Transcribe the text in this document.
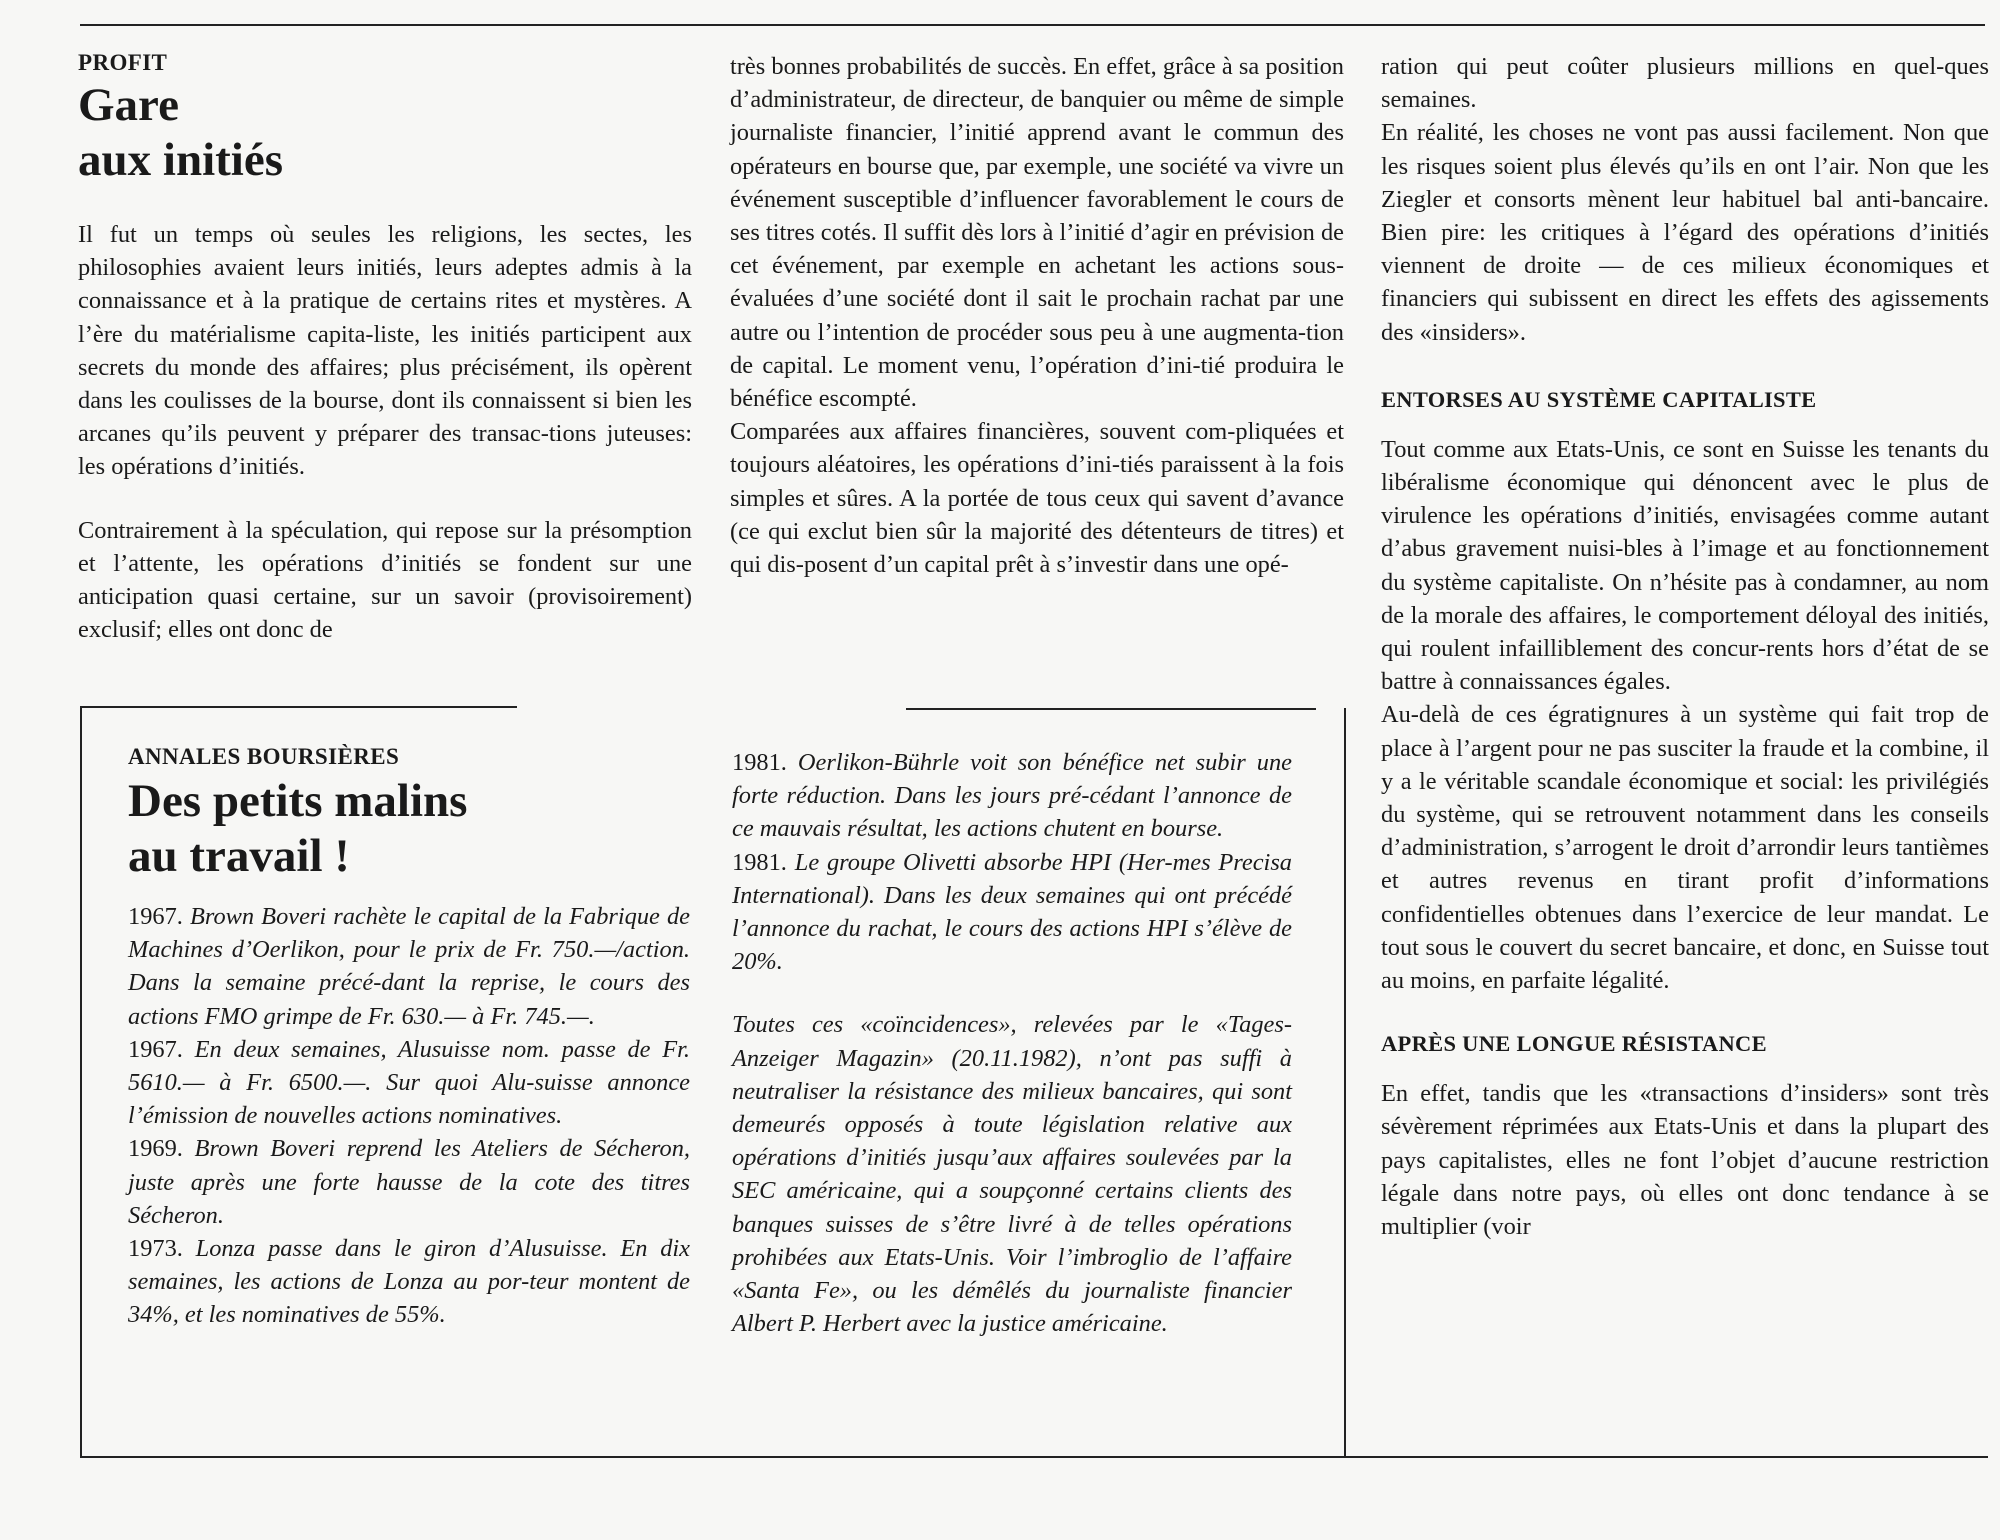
PROFIT

Gare
aux initiés

Il fut un temps où seules les religions, les sectes, les philosophies avaient leurs initiés, leurs adeptes admis à la connaissance et à la pratique de certains rites et mystères. A l’ère du matérialisme capita-liste, les initiés participent aux secrets du monde des affaires; plus précisément, ils opèrent dans les coulisses de la bourse, dont ils connaissent si bien les arcanes qu’ils peuvent y préparer des transac-tions juteuses: les opérations d’initiés.

Contrairement à la spéculation, qui repose sur la présomption et l’attente, les opérations d’initiés se fondent sur une anticipation quasi certaine, sur un savoir (provisoirement) exclusif; elles ont donc de

très bonnes probabilités de succès. En effet, grâce à sa position d’administrateur, de directeur, de banquier ou même de simple journaliste financier, l’initié apprend avant le commun des opérateurs en bourse que, par exemple, une société va vivre un événement susceptible d’influencer favorablement le cours de ses titres cotés. Il suffit dès lors à l’initié d’agir en prévision de cet événement, par exemple en achetant les actions sous-évaluées d’une société dont il sait le prochain rachat par une autre ou l’intention de procéder sous peu à une augmenta-tion de capital. Le moment venu, l’opération d’ini-tié produira le bénéfice escompté.

Comparées aux affaires financières, souvent com-pliquées et toujours aléatoires, les opérations d’ini-tiés paraissent à la fois simples et sûres. A la portée de tous ceux qui savent d’avance (ce qui exclut bien sûr la majorité des détenteurs de titres) et qui dis-posent d’un capital prêt à s’investir dans une opé-

ration qui peut coûter plusieurs millions en quel-ques semaines.

En réalité, les choses ne vont pas aussi facilement. Non que les risques soient plus élevés qu’ils en ont l’air. Non que les Ziegler et consorts mènent leur habituel bal anti-bancaire. Bien pire: les critiques à l’égard des opérations d’initiés viennent de droite — de ces milieux économiques et financiers qui subissent en direct les effets des agissements des «insiders».

ENTORSES AU SYSTÈME CAPITALISTE

Tout comme aux Etats-Unis, ce sont en Suisse les tenants du libéralisme économique qui dénoncent avec le plus de virulence les opérations d’initiés, envisagées comme autant d’abus gravement nuisi-bles à l’image et au fonctionnement du système capitaliste. On n’hésite pas à condamner, au nom de la morale des affaires, le comportement déloyal des initiés, qui roulent infailliblement des concur-rents hors d’état de se battre à connaissances égales.

Au-delà de ces égratignures à un système qui fait trop de place à l’argent pour ne pas susciter la fraude et la combine, il y a le véritable scandale économique et social: les privilégiés du système, qui se retrouvent notamment dans les conseils d’administration, s’arrogent le droit d’arrondir leurs tantièmes et autres revenus en tirant profit d’informations confidentielles obtenues dans l’exercice de leur mandat. Le tout sous le couvert du secret bancaire, et donc, en Suisse tout au moins, en parfaite légalité.

APRÈS UNE LONGUE RÉSISTANCE

En effet, tandis que les «transactions d’insiders» sont très sévèrement réprimées aux Etats-Unis et dans la plupart des pays capitalistes, elles ne font l’objet d’aucune restriction légale dans notre pays, où elles ont donc tendance à se multiplier (voir

ANNALES BOURSIÈRES

Des petits malins
au travail !

1967. Brown Boveri rachète le capital de la Fabrique de Machines d’Oerlikon, pour le prix de Fr. 750.—/action. Dans la semaine précé-dant la reprise, le cours des actions FMO grimpe de Fr. 630.— à Fr. 745.—.

1967. En deux semaines, Alusuisse nom. passe de Fr. 5610.— à Fr. 6500.—. Sur quoi Alu-suisse annonce l’émission de nouvelles actions nominatives.

1969. Brown Boveri reprend les Ateliers de Sécheron, juste après une forte hausse de la cote des titres Sécheron.

1973. Lonza passe dans le giron d’Alusuisse. En dix semaines, les actions de Lonza au por-teur montent de 34%, et les nominatives de 55%.

1981. Oerlikon-Bührle voit son bénéfice net subir une forte réduction. Dans les jours pré-cédant l’annonce de ce mauvais résultat, les actions chutent en bourse.

1981. Le groupe Olivetti absorbe HPI (Her-mes Precisa International). Dans les deux semaines qui ont précédé l’annonce du rachat, le cours des actions HPI s’élève de 20%.

Toutes ces «coïncidences», relevées par le «Tages-Anzeiger Magazin» (20.11.1982), n’ont pas suffi à neutraliser la résistance des milieux bancaires, qui sont demeurés opposés à toute législation relative aux opérations d’initiés jusqu’aux affaires soulevées par la SEC américaine, qui a soupçonné certains clients des banques suisses de s’être livré à de telles opérations prohibées aux Etats-Unis. Voir l’imbroglio de l’affaire «Santa Fe», ou les démêlés du journaliste financier Albert P. Herbert avec la justice américaine.
